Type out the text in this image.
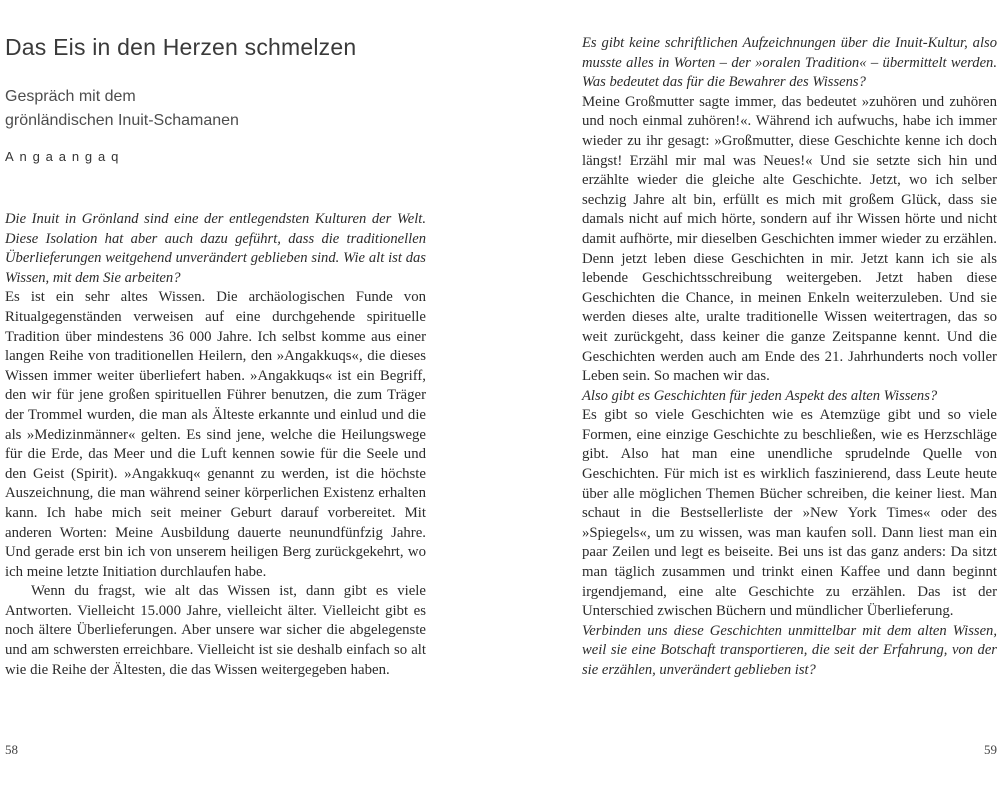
Das Eis in den Herzen schmelzen
Gespräch mit dem
grönländischen Inuit-Schamanen
Angaangaq

Die Inuit in Grönland sind eine der entlegendsten Kulturen der Welt. Diese Isolation hat aber auch dazu geführt, dass die traditionellen Überlieferungen weitgehend unverändert geblieben sind. Wie alt ist das Wissen, mit dem Sie arbeiten?

Es ist ein sehr altes Wissen. Die archäologischen Funde von Ritualgegenständen verweisen auf eine durchgehende spirituelle Tradition über mindestens 36 000 Jahre. Ich selbst komme aus einer langen Reihe von traditionellen Heilern, den »Angakkuqs«, die dieses Wissen immer weiter überliefert haben. »Angakkuqs« ist ein Begriff, den wir für jene großen spirituellen Führer benutzen, die zum Träger der Trommel wurden, die man als Älteste erkannte und einlud und die als »Medizinmänner« gelten. Es sind jene, welche die Heilungswege für die Erde, das Meer und die Luft kennen sowie für die Seele und den Geist (Spirit). »Angakkuq« genannt zu werden, ist die höchste Auszeichnung, die man während seiner körperlichen Existenz erhalten kann. Ich habe mich seit meiner Geburt darauf vorbereitet. Mit anderen Worten: Meine Ausbildung dauerte neunundfünfzig Jahre. Und gerade erst bin ich von unserem heiligen Berg zurückgekehrt, wo ich meine letzte Initiation durchlaufen habe.

Wenn du fragst, wie alt das Wissen ist, dann gibt es viele Antworten. Vielleicht 15.000 Jahre, vielleicht älter. Vielleicht gibt es noch ältere Überlieferungen. Aber unsere war sicher die abgelegenste und am schwersten erreichbare. Vielleicht ist sie deshalb einfach so alt wie die Reihe der Ältesten, die das Wissen weitergegeben haben.

58

Es gibt keine schriftlichen Aufzeichnungen über die Inuit-Kultur, also musste alles in Worten – der »oralen Tradition« – übermittelt werden. Was bedeutet das für die Bewahrer des Wissens?

Meine Großmutter sagte immer, das bedeutet »zuhören und zuhören und noch einmal zuhören!«. Während ich aufwuchs, habe ich immer wieder zu ihr gesagt: »Großmutter, diese Geschichte kenne ich doch längst! Erzähl mir mal was Neues!« Und sie setzte sich hin und erzählte wieder die gleiche alte Geschichte. Jetzt, wo ich selber sechzig Jahre alt bin, erfüllt es mich mit großem Glück, dass sie damals nicht auf mich hörte, sondern auf ihr Wissen hörte und nicht damit aufhörte, mir dieselben Geschichten immer wieder zu erzählen. Denn jetzt leben diese Geschichten in mir. Jetzt kann ich sie als lebende Geschichtsschreibung weitergeben. Jetzt haben diese Geschichten die Chance, in meinen Enkeln weiterzuleben. Und sie werden dieses alte, uralte traditionelle Wissen weitertragen, das so weit zurückgeht, dass keiner die ganze Zeitspanne kennt. Und die Geschichten werden auch am Ende des 21. Jahrhunderts noch voller Leben sein. So machen wir das.

Also gibt es Geschichten für jeden Aspekt des alten Wissens?

Es gibt so viele Geschichten wie es Atemzüge gibt und so viele Formen, eine einzige Geschichte zu beschließen, wie es Herzschläge gibt. Also hat man eine unendliche sprudelnde Quelle von Geschichten. Für mich ist es wirklich faszinierend, dass Leute heute über alle möglichen Themen Bücher schreiben, die keiner liest. Man schaut in die Bestsellerliste der »New York Times« oder des »Spiegels«, um zu wissen, was man kaufen soll. Dann liest man ein paar Zeilen und legt es beiseite. Bei uns ist das ganz anders: Da sitzt man täglich zusammen und trinkt einen Kaffee und dann beginnt irgendjemand, eine alte Geschichte zu erzählen. Das ist der Unterschied zwischen Büchern und mündlicher Überlieferung.

Verbinden uns diese Geschichten unmittelbar mit dem alten Wissen, weil sie eine Botschaft transportieren, die seit der Erfahrung, von der sie erzählen, unverändert geblieben ist?

59
